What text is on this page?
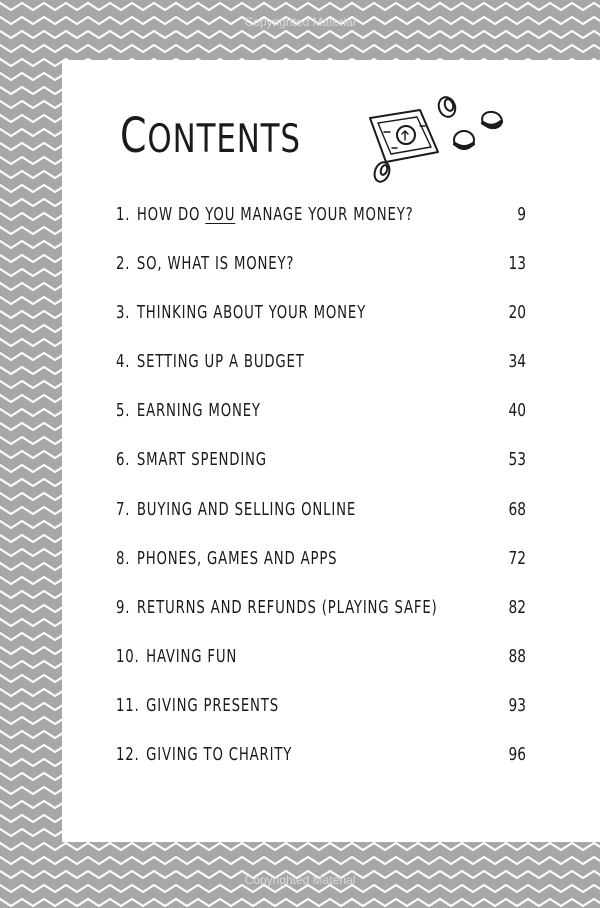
Copyrighted Material
Copyrighted Material
CONTENTS
1. HOW DO YOU MANAGE YOUR MONEY?	9
2. SO, WHAT IS MONEY?	13
3. THINKING ABOUT YOUR MONEY	20
4. SETTING UP A BUDGET	34
5. EARNING MONEY	40
6. SMART SPENDING	53
7. BUYING AND SELLING ONLINE	68
8. PHONES, GAMES AND APPS	72
9. RETURNS AND REFUNDS (PLAYING SAFE)	82
10. HAVING FUN	88
11. GIVING PRESENTS	93
12. GIVING TO CHARITY	96
